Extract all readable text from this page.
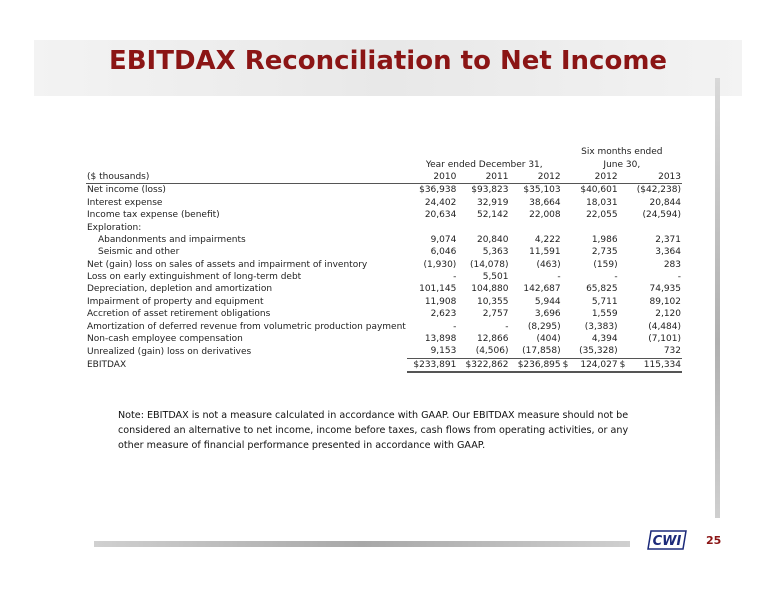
EBITDAX Reconciliation to Net Income
				Six months ended			
	Year ended December 31,			June 30,			
($ thousands)	2010	2011	2012		2012		2013
Net income (loss)	$36,938	$93,823	$35,103		$40,601		($42,238)
Interest expense	24,402	32,919	38,664		18,031		20,844
Income tax expense (benefit)	20,634	52,142	22,008		22,055		(24,594)
Exploration:							
Abandonments and impairments	9,074	20,840	4,222		1,986		2,371
Seismic and other	6,046	5,363	11,591		2,735		3,364
Net (gain) loss on sales of assets and impairment of inventory	(1,930)	(14,078)	(463)		(159)		283
Loss on early extinguishment of long-term debt	-	5,501	-		-		-
Depreciation, depletion and amortization	101,145	104,880	142,687		65,825		74,935
Impairment of property and equipment	11,908	10,355	5,944		5,711		89,102
Accretion of asset retirement obligations	2,623	2,757	3,696		1,559		2,120
Amortization of deferred revenue from volumetric production payment	-	-	(8,295)		(3,383)		(4,484)
Non-cash employee compensation	13,898	12,866	(404)		4,394		(7,101)
Unrealized (gain) loss on derivatives	9,153	(4,506)	(17,858)		(35,328)		732
EBITDAX	$233,891	$322,862	$236,895	$	124,027	$	115,334
Note: EBITDAX is not a measure calculated in accordance with GAAP. Our EBITDAX measure should not be considered an alternative to net income, income before taxes, cash flows from operating activities, or any other measure of financial performance presented in accordance with GAAP.
CWI 25
